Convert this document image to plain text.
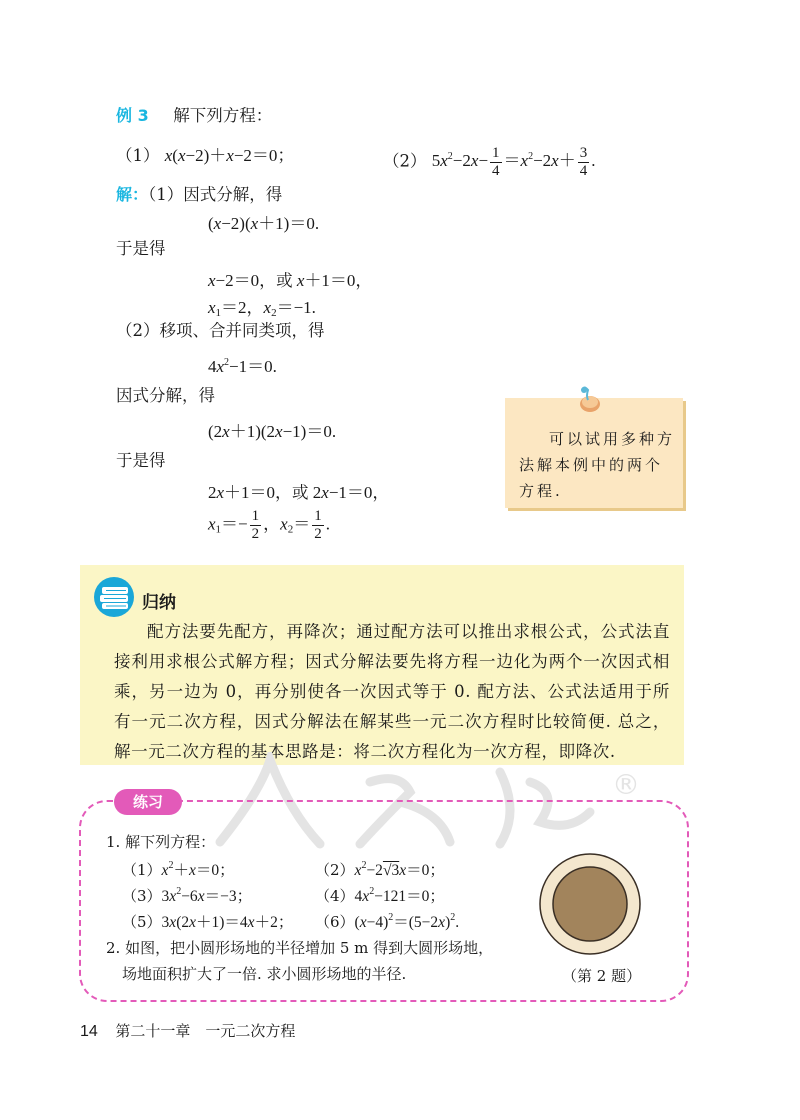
例 3 解下列方程：
（1） x(x−2)＋x−2＝0；	（2） $5x^2-2x- \frac{1}{4} =x^2-2x+ \frac{3}{4}$ .
解：（1）因式分解，得
(x−2)(x＋1)＝0.
于是得
x−2＝0，或 x＋1＝0，
$x_1=2$，$x_2=-1$.
（2）移项、合并同类项，得
$4x^2-1=0$.
因式分解，得
(2x＋1)(2x−1)＝0.
于是得
2x＋1＝0，或 2x−1＝0，
$x_1=- \frac{1}{2}$ ，$x_2= \frac{1}{2}$ .
可以试用多种方法解本例中的两个方程.
归纳
配方法要先配方，再降次；通过配方法可以推出求根公式，公式法直接利用求根公式解方程；因式分解法要先将方程一边化为两个一次因式相乘，另一边为 0，再分别使各一次因式等于 0. 配方法、公式法适用于所有一元二次方程，因式分解法在解某些一元二次方程时比较简便. 总之，解一元二次方程的基本思路是：将二次方程化为一次方程，即降次.
®
练习
1. 解下列方程：
$(1)x^2+x=0$；	$(2)x^2-2√3x=0$；
$(3)3x^2-6x=-3$；	$(4)4x^2-121=0$；
（5）3x(2x＋1)＝4x＋2； $(6)(x-4)^2=(5-2x)^2$.
2. 如图，把小圆形场地的半径增加 5 m 得到大圆形场地，
场地面积扩大了一倍. 求小圆形场地的半径.	（第 2 题）
14 第二十一章　一元二次方程
